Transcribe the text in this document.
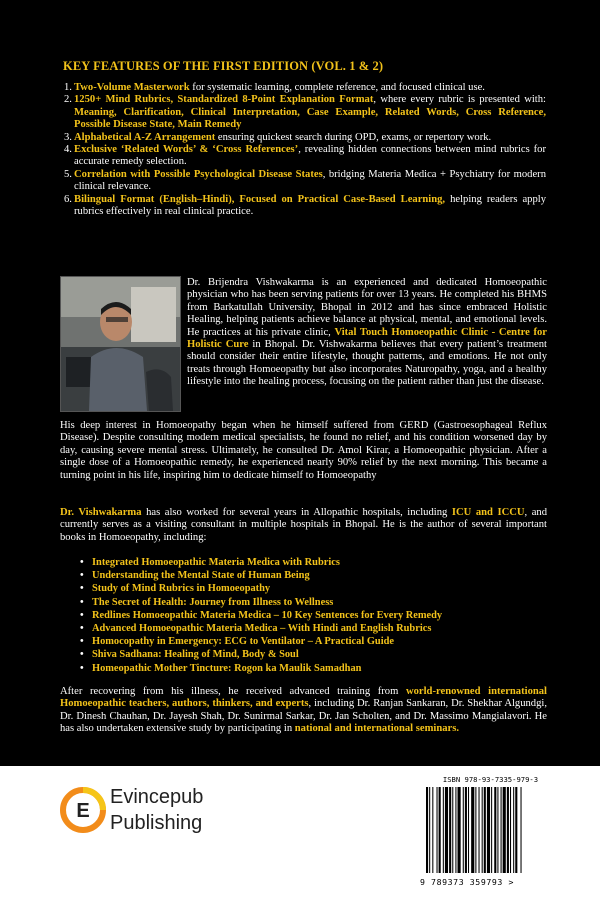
KEY FEATURES OF THE FIRST EDITION (VOL. 1 & 2)
1. Two-Volume Masterwork for systematic learning, complete reference, and focused clinical use.
2. 1250+ Mind Rubrics, Standardized 8-Point Explanation Format, where every rubric is presented with: Meaning, Clarification, Clinical Interpretation, Case Example, Related Words, Cross Reference, Possible Disease State, Main Remedy
3. Alphabetical A-Z Arrangement ensuring quickest search during OPD, exams, or repertory work.
4. Exclusive ‘Related Words’ & ‘Cross References’, revealing hidden connections between mind rubrics for accurate remedy selection.
5. Correlation with Possible Psychological Disease States, bridging Materia Medica + Psychiatry for modern clinical relevance.
6. Bilingual Format (English–Hindi), Focused on Practical Case-Based Learning, helping readers apply rubrics effectively in real clinical practice.

Dr. Brijendra Vishwakarma is an experienced and dedicated Homoeopathic physician who has been serving patients for over 13 years. He completed his BHMS from Barkatullah University, Bhopal in 2012 and has since embraced Holistic Healing, helping patients achieve balance at physical, mental, and emotional levels. He practices at his private clinic, Vital Touch Homoeopathic Clinic - Centre for Holistic Cure in Bhopal. Dr. Vishwakarma believes that every patient’s treatment should consider their entire lifestyle, thought patterns, and emotions. He not only treats through Homoeopathy but also incorporates Naturopathy, yoga, and a healthy lifestyle into the healing process, focusing on the patient rather than just the disease.

His deep interest in Homoeopathy began when he himself suffered from GERD (Gastroesophageal Reflux Disease). Despite consulting modern medical specialists, he found no relief, and his condition worsened day by day, causing severe mental stress. Ultimately, he consulted Dr. Amol Kirar, a Homoeopathic physician. After a single dose of a Homoeopathic remedy, he experienced nearly 90% relief by the next morning. This became a turning point in his life, inspiring him to dedicate himself to Homoeopathy

Dr. Vishwakarma has also worked for several years in Allopathic hospitals, including ICU and ICCU, and currently serves as a visiting consultant in multiple hospitals in Bhopal. He is the author of several important books in Homoeopathy, including:

• Integrated Homoeopathic Materia Medica with Rubrics
• Understanding the Mental State of Human Being
• Study of Mind Rubrics in Homoeopathy
• The Secret of Health: Journey from Illness to Wellness
• Redlines Homoeopathic Materia Medica – 10 Key Sentences for Every Remedy
• Advanced Homoeopathic Materia Medica – With Hindi and English Rubrics
• Homocopathy in Emergency: ECG to Ventilator – A Practical Guide
• Shiva Sadhana: Healing of Mind, Body & Soul
• Homeopathic Mother Tincture: Rogon ka Maulik Samadhan

After recovering from his illness, he received advanced training from world-renowned international Homoeopathic teachers, authors, thinkers, and experts, including Dr. Ranjan Sankaran, Dr. Shekhar Algundgi, Dr. Dinesh Chauhan, Dr. Jayesh Shah, Dr. Sunirmal Sarkar, Dr. Jan Scholten, and Dr. Massimo Mangialavori. He has also undertaken extensive study by participating in national and international seminars.

E
Evincepub
Publishing
ISBN 978-93-7335-979-3
9 789373 359793 >
